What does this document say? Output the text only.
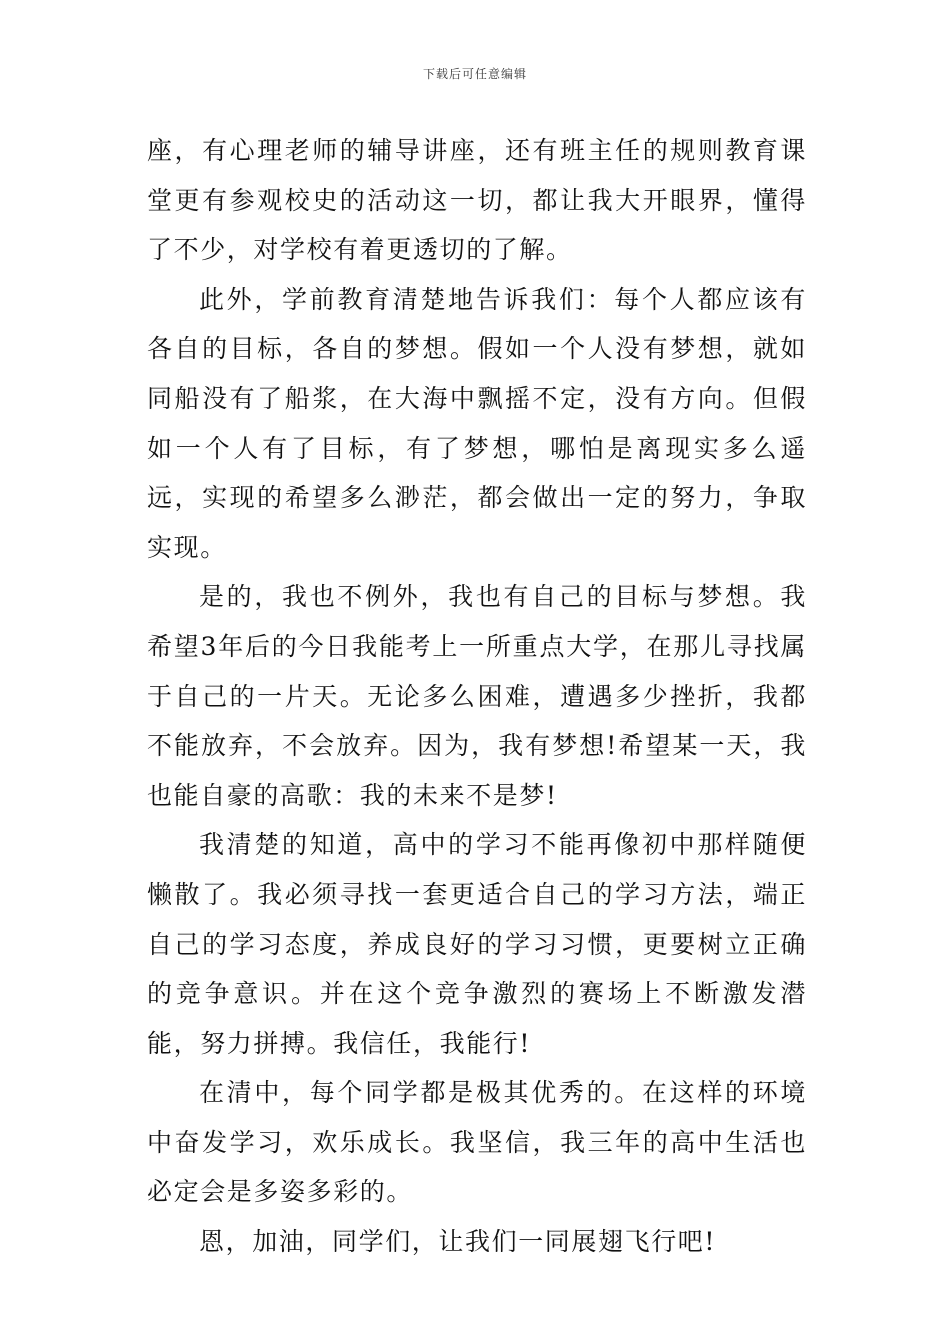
下载后可任意编辑

座，有心理老师的辅导讲座，还有班主任的规则教育课堂更有参观校史的活动这一切，都让我大开眼界，懂得了不少，对学校有着更透切的了解。

此外，学前教育清楚地告诉我们：每个人都应该有各自的目标，各自的梦想。假如一个人没有梦想，就如同船没有了船浆，在大海中飘摇不定，没有方向。但假如一个人有了目标，有了梦想，哪怕是离现实多么遥远，实现的希望多么渺茫，都会做出一定的努力，争取实现。

是的，我也不例外，我也有自己的目标与梦想。我希望3年后的今日我能考上一所重点大学，在那儿寻找属于自己的一片天。无论多么困难，遭遇多少挫折，我都不能放弃，不会放弃。因为，我有梦想!希望某一天，我也能自豪的高歌：我的未来不是梦!

我清楚的知道，高中的学习不能再像初中那样随便懒散了。我必须寻找一套更适合自己的学习方法，端正自己的学习态度，养成良好的学习习惯，更要树立正确的竞争意识。并在这个竞争激烈的赛场上不断激发潜能，努力拼搏。我信任，我能行!

在清中，每个同学都是极其优秀的。在这样的环境中奋发学习，欢乐成长。我坚信，我三年的高中生活也必定会是多姿多彩的。

恩，加油，同学们，让我们一同展翅飞行吧!
